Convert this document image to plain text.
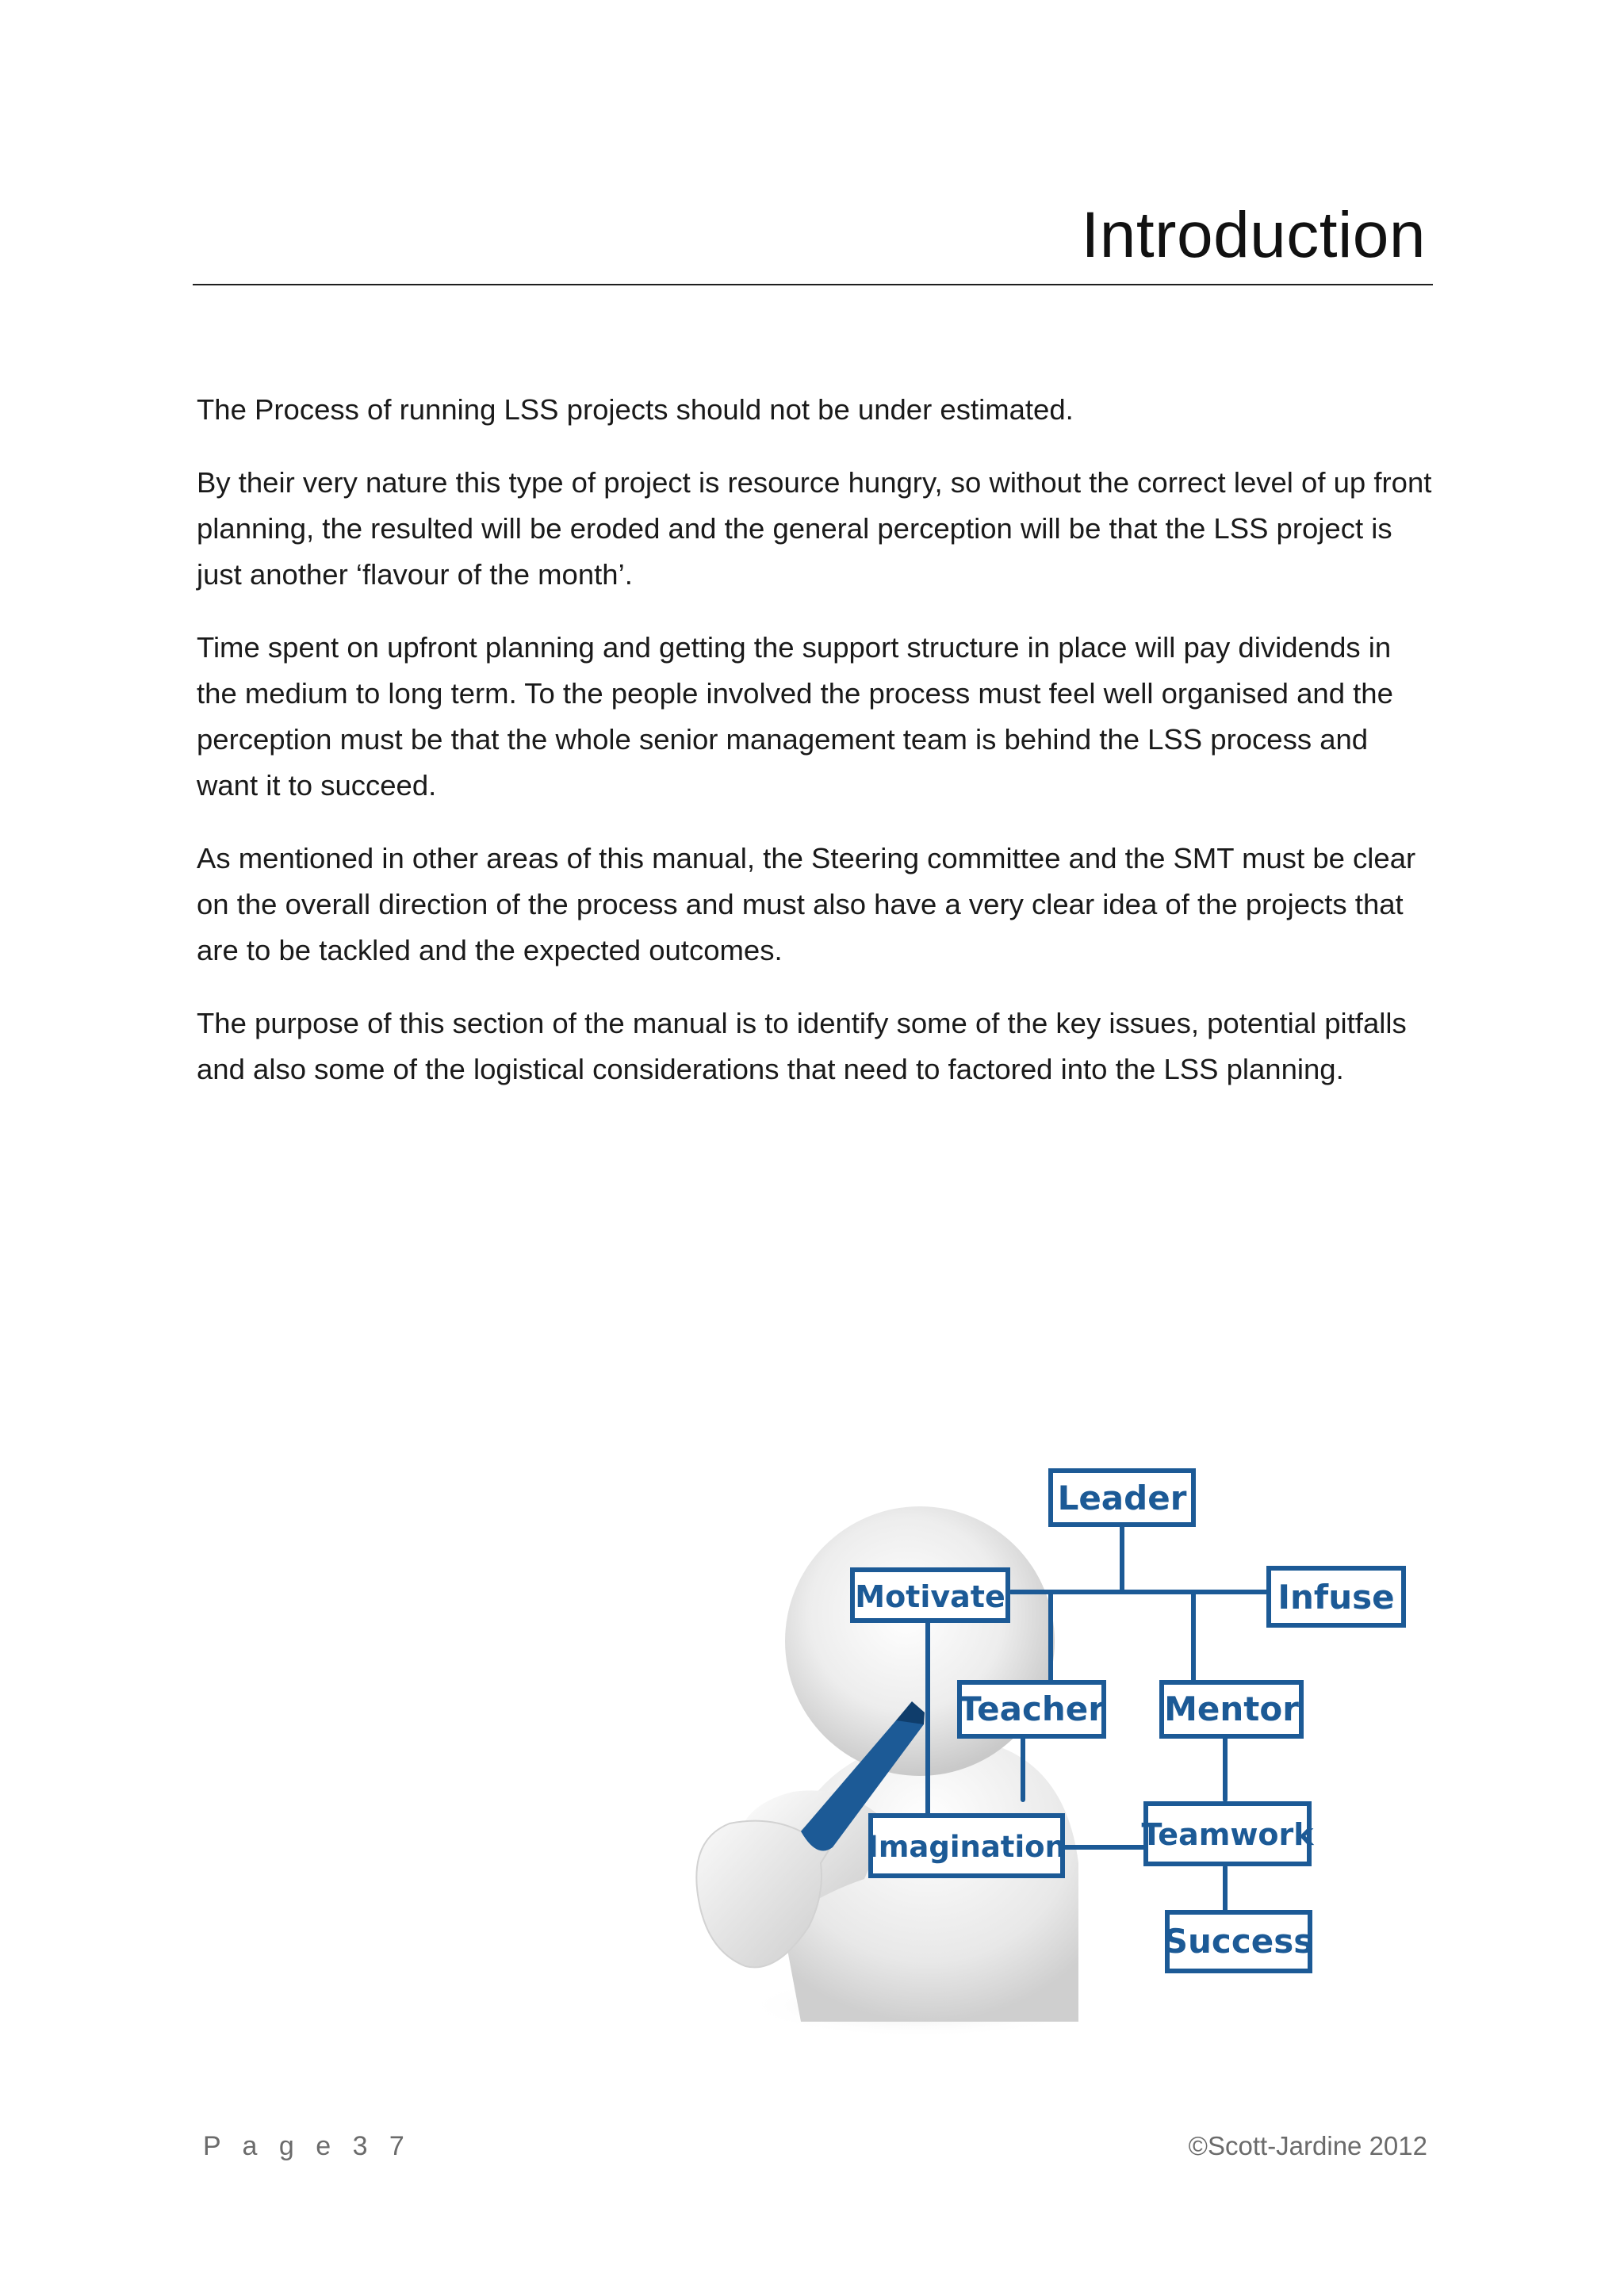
Introduction

The Process of running LSS projects should not be under estimated.

By their very nature this type of project is resource hungry, so without the correct level of up front planning, the resulted will be eroded and the general perception will be that the LSS project is just another ‘flavour of the month’.

Time spent on upfront planning and getting the support structure in place will pay dividends in the medium to long term. To the people involved the process must feel well organised and the perception must be that the whole senior management team is behind the LSS process and want it to succeed.

As mentioned in other areas of this manual, the Steering committee and the SMT must be clear on the overall direction of the process and must also have a very clear idea of the projects that are to be tackled and the expected outcomes.

The purpose of this section of the manual is to identify some of the key issues, potential pitfalls and also some of the logistical considerations that need to factored into the LSS planning.

Leader
Motivate	Infuse
Teacher Mentor
Imagination	Teamwork
Success
P a g e 3 7	©Scott-Jardine 2012
